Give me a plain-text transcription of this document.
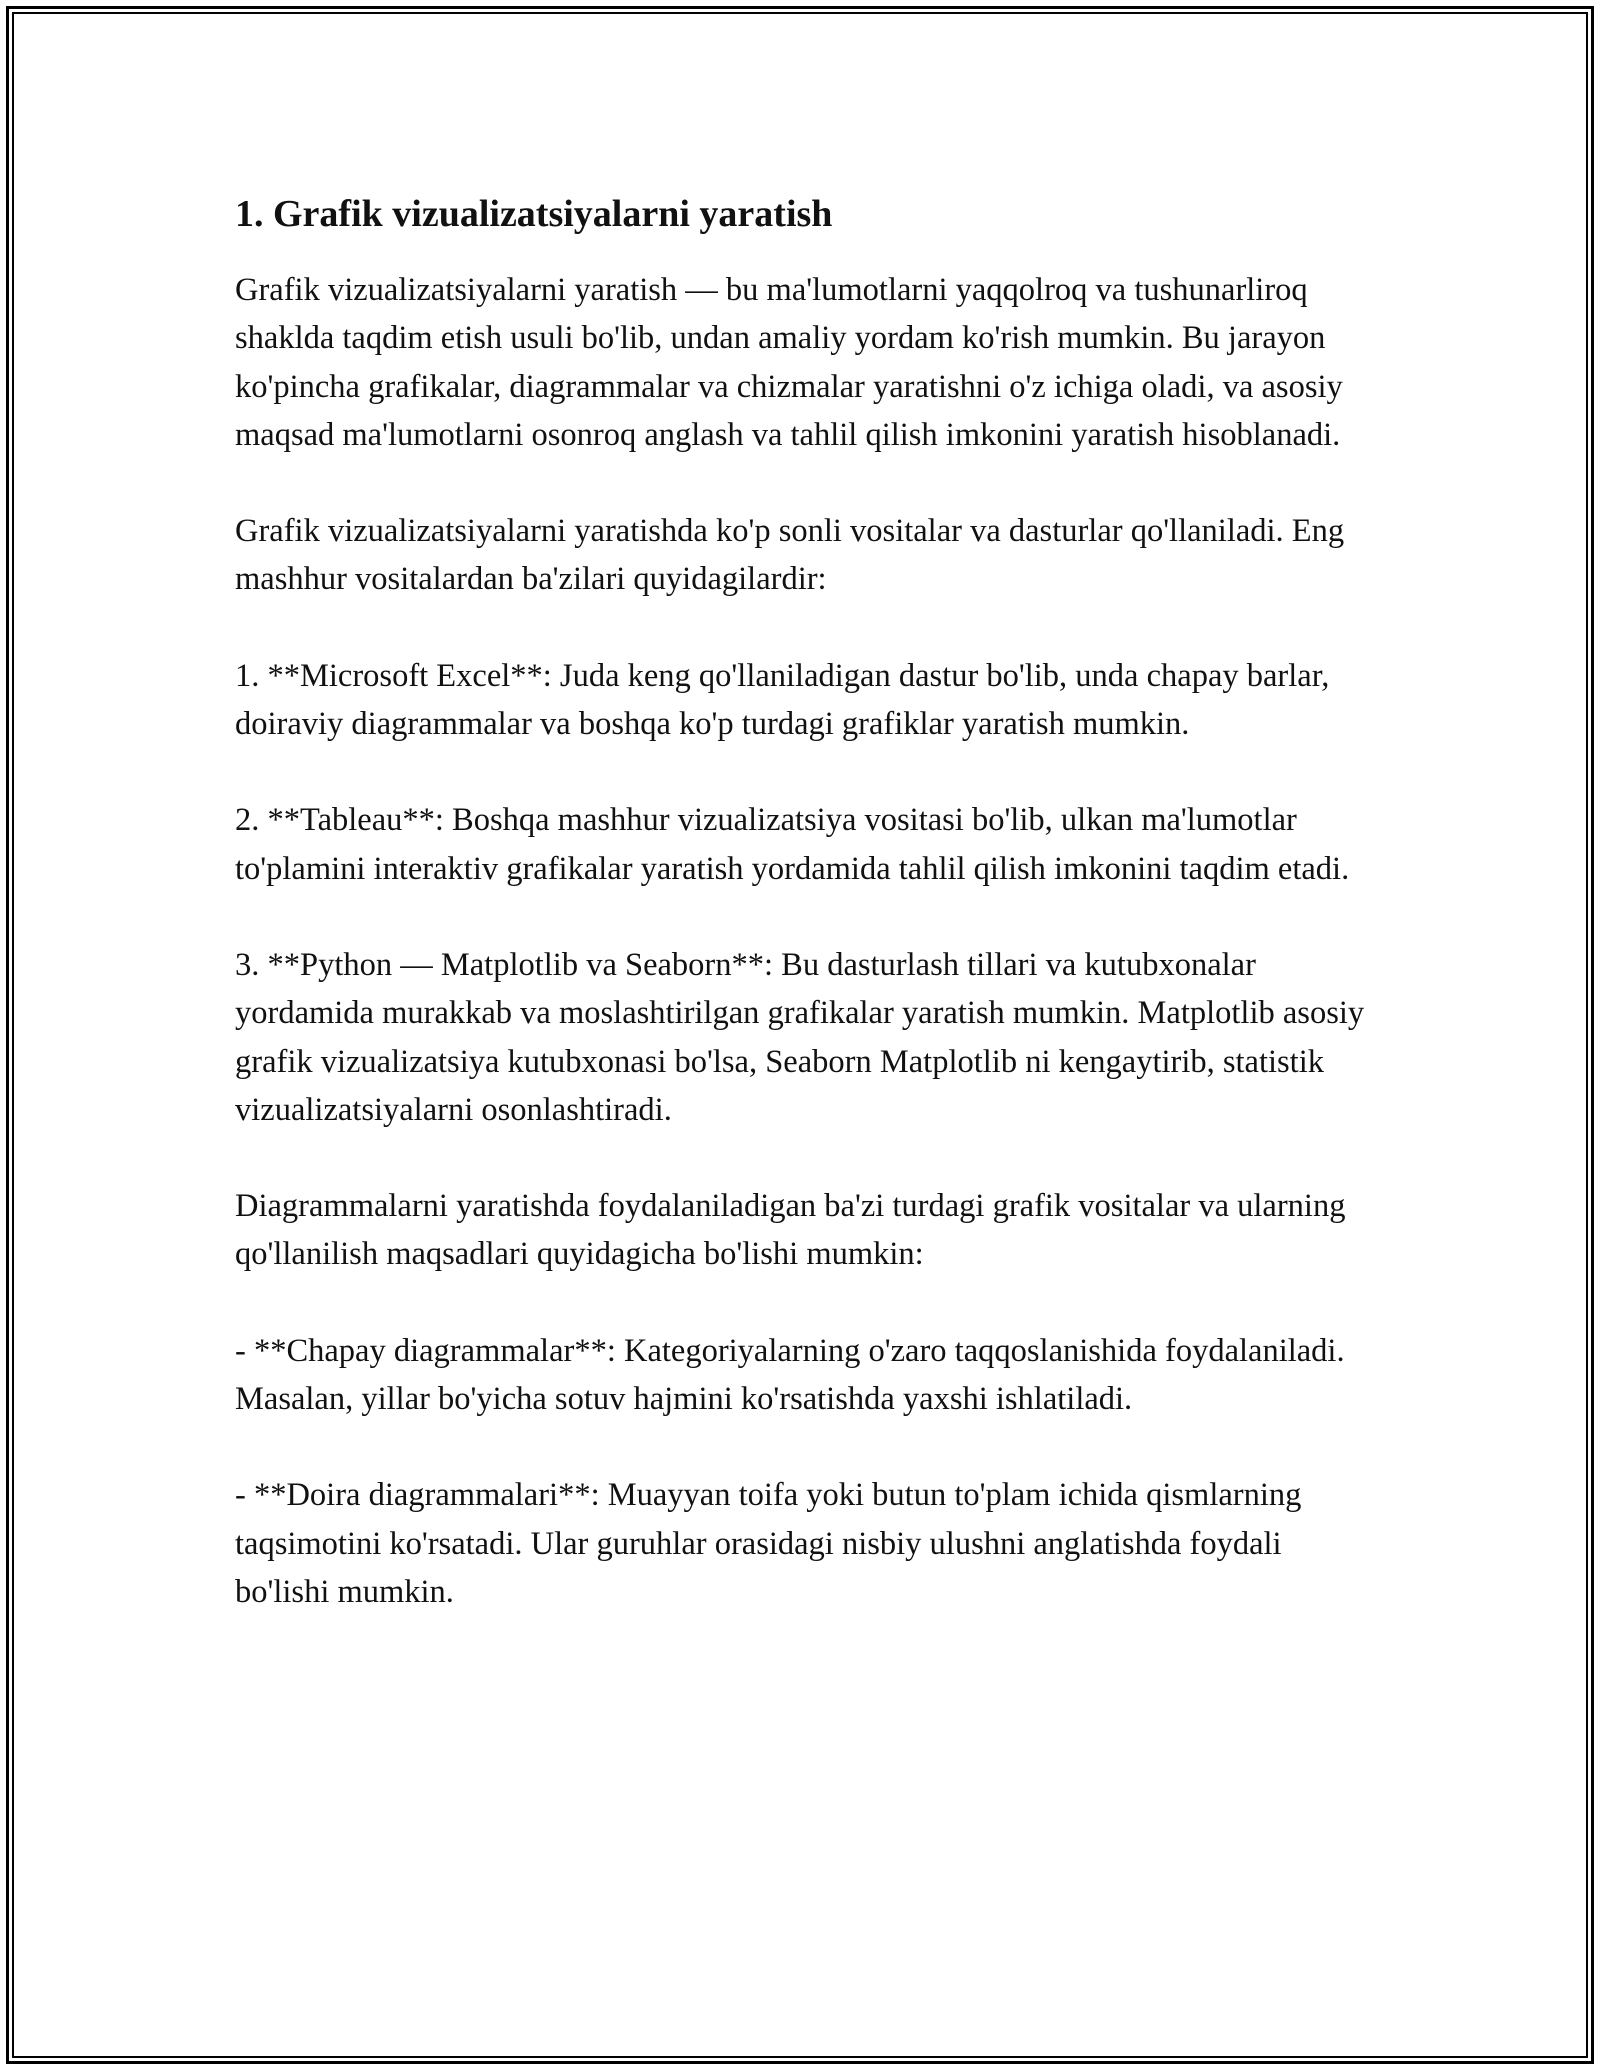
1. Grafik vizualizatsiyalarni yaratish

Grafik vizualizatsiyalarni yaratish — bu ma'lumotlarni yaqqolroq va tushunarliroq shaklda taqdim etish usuli bo'lib, undan amaliy yordam ko'rish mumkin. Bu jarayon ko'pincha grafikalar, diagrammalar va chizmalar yaratishni o'z ichiga oladi, va asosiy maqsad ma'lumotlarni osonroq anglash va tahlil qilish imkonini yaratish hisoblanadi.

Grafik vizualizatsiyalarni yaratishda ko'p sonli vositalar va dasturlar qo'llaniladi. Eng mashhur vositalardan ba'zilari quyidagilardir:

1. **Microsoft Excel**: Juda keng qo'llaniladigan dastur bo'lib, unda chapay barlar, doiraviy diagrammalar va boshqa ko'p turdagi grafiklar yaratish mumkin.

2. **Tableau**: Boshqa mashhur vizualizatsiya vositasi bo'lib, ulkan ma'lumotlar to'plamini interaktiv grafikalar yaratish yordamida tahlil qilish imkonini taqdim etadi.

3. **Python — Matplotlib va Seaborn**: Bu dasturlash tillari va kutubxonalar yordamida murakkab va moslashtirilgan grafikalar yaratish mumkin. Matplotlib asosiy grafik vizualizatsiya kutubxonasi bo'lsa, Seaborn Matplotlib ni kengaytirib, statistik vizualizatsiyalarni osonlashtiradi.

Diagrammalarni yaratishda foydalaniladigan ba'zi turdagi grafik vositalar va ularning qo'llanilish maqsadlari quyidagicha bo'lishi mumkin:

- **Chapay diagrammalar**: Kategoriyalarning o'zaro taqqoslanishida foydalaniladi. Masalan, yillar bo'yicha sotuv hajmini ko'rsatishda yaxshi ishlatiladi.

- **Doira diagrammalari**: Muayyan toifa yoki butun to'plam ichida qismlarning taqsimotini ko'rsatadi. Ular guruhlar orasidagi nisbiy ulushni anglatishda foydali bo'lishi mumkin.
